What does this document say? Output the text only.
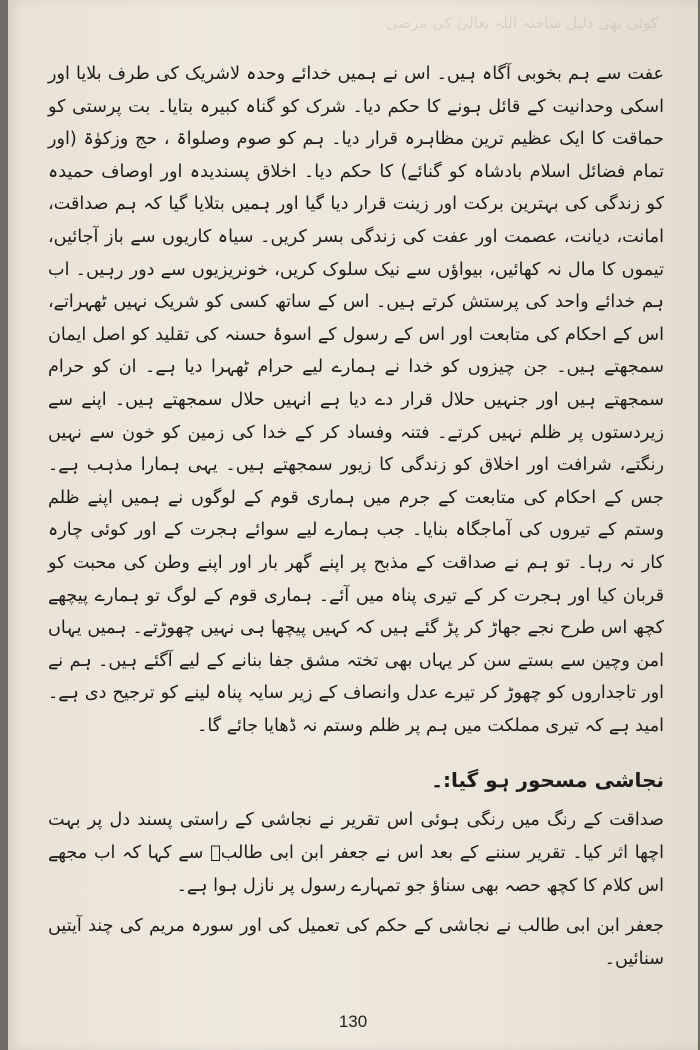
کوئی بھی دلیل ساختہ اللہ تعالیٰ کی مرضی

عفت سے ہم بخوبی آگاہ ہیں۔ اس نے ہمیں خدائے وحدہ لاشریک کی طرف بلایا اور اسکی وحدانیت کے قائل ہونے کا حکم دیا۔ شرک کو گناہ کبیرہ بتایا۔ بت پرستی کو حماقت کا ایک عظیم ترین مظاہرہ قرار دیا۔ ہم کو صوم وصلواۃ ، حج وزکوٰۃ (اور تمام فضائل اسلام بادشاہ کو گنائے) کا حکم دیا۔ اخلاق پسندیدہ اور اوصاف حمیدہ کو زندگی کی بہترین برکت اور زینت قرار دیا گیا اور ہمیں بتلایا گیا کہ ہم صداقت، امانت، دیانت، عصمت اور عفت کی زندگی بسر کریں۔ سیاہ کاریوں سے باز آجائیں، تیموں کا مال نہ کھائیں، بیواؤں سے نیک سلوک کریں، خونریزیوں سے دور رہیں۔ اب ہم خدائے واحد کی پرستش کرتے ہیں۔ اس کے ساتھ کسی کو شریک نہیں ٹھہراتے، اس کے احکام کی متابعت اور اس کے رسول کے اسوۂ حسنہ کی تقلید کو اصل ایمان سمجھتے ہیں۔ جن چیزوں کو خدا نے ہمارے لیے حرام ٹھہرا دیا ہے۔ ان کو حرام سمجھتے ہیں اور جنہیں حلال قرار دے دیا ہے انہیں حلال سمجھتے ہیں۔ اپنے سے زیردستوں پر ظلم نہیں کرتے۔ فتنہ وفساد کر کے خدا کی زمین کو خون سے نہیں رنگتے، شرافت اور اخلاق کو زندگی کا زیور سمجھتے ہیں۔ یہی ہمارا مذہب ہے۔ جس کے احکام کی متابعت کے جرم میں ہماری قوم کے لوگوں نے ہمیں اپنے ظلم وستم کے تیروں کی آماجگاہ بنایا۔ جب ہمارے لیے سوائے ہجرت کے اور کوئی چارہ کار نہ رہا۔ تو ہم نے صداقت کے مذبح پر اپنے گھر بار اور اپنے وطن کی محبت کو قربان کیا اور ہجرت کر کے تیری پناہ میں آئے۔ ہماری قوم کے لوگ تو ہمارے پیچھے کچھ اس طرح نجے جھاڑ کر پڑ گئے ہیں کہ کہیں پیچھا ہی نہیں چھوڑتے۔ ہمیں یہاں امن وچین سے بستے سن کر یہاں بھی تختہ مشق جفا بنانے کے لیے آگئے ہیں۔ ہم نے اور تاجداروں کو چھوڑ کر تیرے عدل وانصاف کے زیر سایہ پناہ لینے کو ترجیح دی ہے۔ امید ہے کہ تیری مملکت میں ہم پر ظلم وستم نہ ڈھایا جائے گا۔

نجاشی مسحور ہو گیا:۔

صداقت کے رنگ میں رنگی ہوئی اس تقریر نے نجاشی کے راستی پسند دل پر بہت اچھا اثر کیا۔ تقریر سننے کے بعد اس نے جعفر ابن ابی طالبؓ سے کہا کہ اب مجھے اس کلام کا کچھ حصہ بھی سناؤ جو تمہارے رسول پر نازل ہوا ہے۔

جعفر ابن ابی طالب نے نجاشی کے حکم کی تعمیل کی اور سورہ مریم کی چند آیتیں سنائیں۔

130
